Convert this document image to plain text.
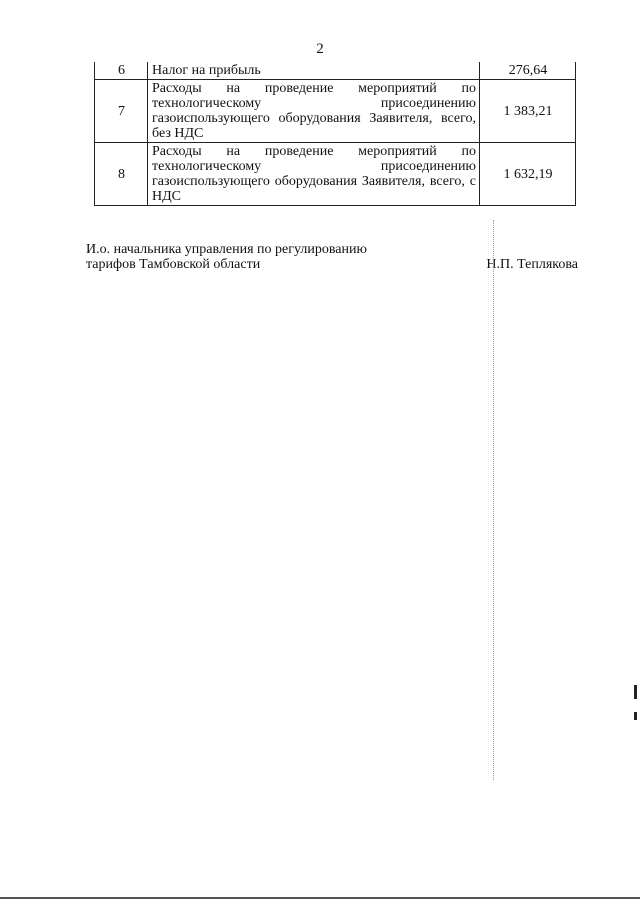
2
6	Налог на прибыль	276,64
7	Расходы на проведение мероприятий по технологическому присоединению газоиспользующего оборудования Заявителя, всего, без НДС	1 383,21
8	Расходы на проведение мероприятий по технологическому присоединению газоиспользующего оборудования Заявителя, всего, с НДС	1 632,19
И.о. начальника управления по регулированию
тарифов Тамбовской области	Н.П. Теплякова
